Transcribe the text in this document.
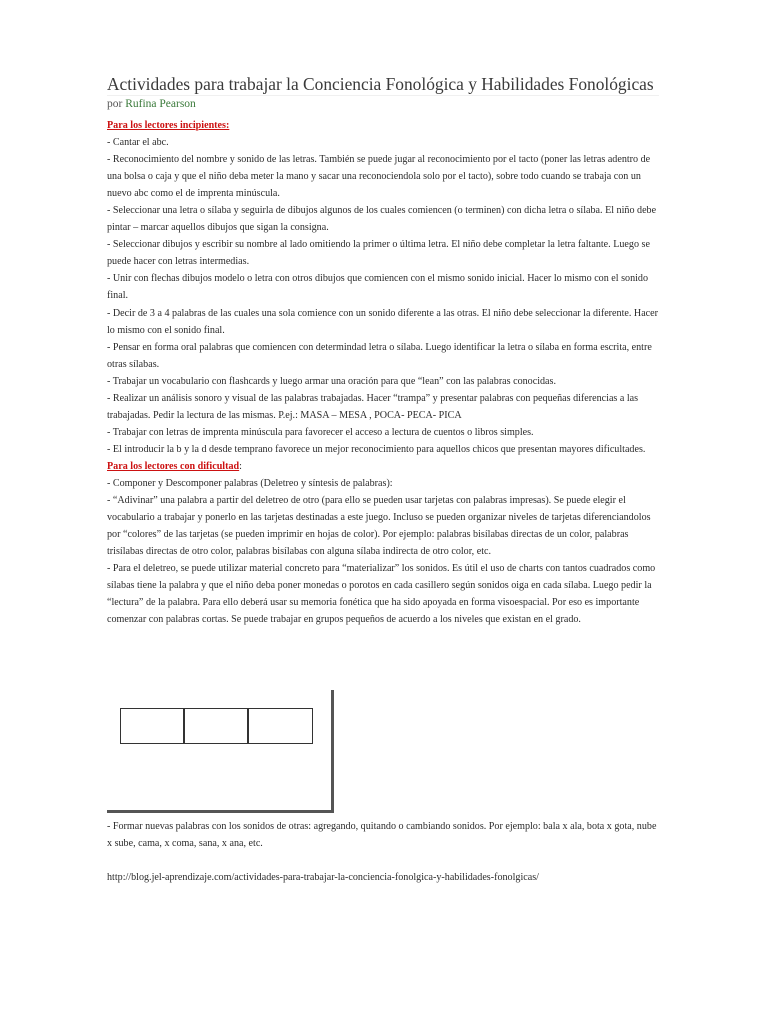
Actividades para trabajar la Conciencia Fonológica y Habilidades Fonológicas
por Rufina Pearson

Para los lectores incipientes:

- Cantar el abc.

- Reconocimiento del nombre y sonido de las letras. También se puede jugar al reconocimiento por el tacto (poner las letras adentro de una bolsa o caja y que el niño deba meter la mano y sacar una reconociendola solo por el tacto), sobre todo cuando se trabaja con un nuevo abc como el de imprenta minúscula.

- Seleccionar una letra o sílaba y seguirla de dibujos algunos de los cuales comiencen (o terminen) con dicha letra o sílaba. El niño debe pintar – marcar aquellos dibujos que sigan la consigna.

- Seleccionar dibujos y escribir su nombre al lado omitiendo la primer o última letra. El niño debe completar la letra faltante. Luego se puede hacer con letras intermedias.

- Unir con flechas dibujos modelo o letra con otros dibujos que comiencen con el mismo sonido inicial. Hacer lo mismo con el sonido final.

- Decir de 3 a 4 palabras de las cuales una sola comience con un sonido diferente a las otras. El niño debe seleccionar la diferente. Hacer lo mismo con el sonido final.

- Pensar en forma oral palabras que comiencen con determindad letra o sílaba. Luego identificar la letra o sílaba en forma escrita, entre otras sílabas.

- Trabajar un vocabulario con flashcards y luego armar una oración para que “lean” con las palabras conocidas.

- Realizar un análisis sonoro y visual de las palabras trabajadas. Hacer “trampa” y presentar palabras con pequeñas diferencias a las trabajadas. Pedir la lectura de las mismas. P.ej.: MASA – MESA , POCA- PECA- PICA

- Trabajar con letras de imprenta minúscula para favorecer el acceso a lectura de cuentos o libros simples.

- El introducir la b y la d desde temprano favorece un mejor reconocimiento para aquellos chicos que presentan mayores dificultades.

Para los lectores con dificultad:

- Componer y Descomponer palabras (Deletreo y síntesis de palabras):

- “Adivinar” una palabra a partir del deletreo de otro (para ello se pueden usar tarjetas con palabras impresas). Se puede elegir el vocabulario a trabajar y ponerlo en las tarjetas destinadas a este juego. Incluso se pueden organizar niveles de tarjetas diferenciandolos por “colores” de las tarjetas (se pueden imprimir en hojas de color). Por ejemplo: palabras bisílabas directas de un color, palabras trisílabas directas de otro color, palabras bisílabas con alguna sílaba indirecta de otro color, etc.

- Para el deletreo, se puede utilizar material concreto para “materializar” los sonidos. Es útil el uso de charts con tantos cuadrados como sílabas tiene la palabra y que el niño deba poner monedas o porotos en cada casillero según sonidos oiga en cada sílaba. Luego pedir la “lectura” de la palabra. Para ello deberá usar su memoria fonética que ha sido apoyada en forma visoespacial. Por eso es importante comenzar con palabras cortas. Se puede trabajar en grupos pequeños de acuerdo a los niveles que existan en el grado.

- Formar nuevas palabras con los sonidos de otras: agregando, quitando o cambiando sonidos. Por ejemplo: bala x ala, bota x gota, nube x sube, cama, x coma, sana, x ana, etc.

http://blog.jel-aprendizaje.com/actividades-para-trabajar-la-conciencia-fonolgica-y-habilidades-fonolgicas/
